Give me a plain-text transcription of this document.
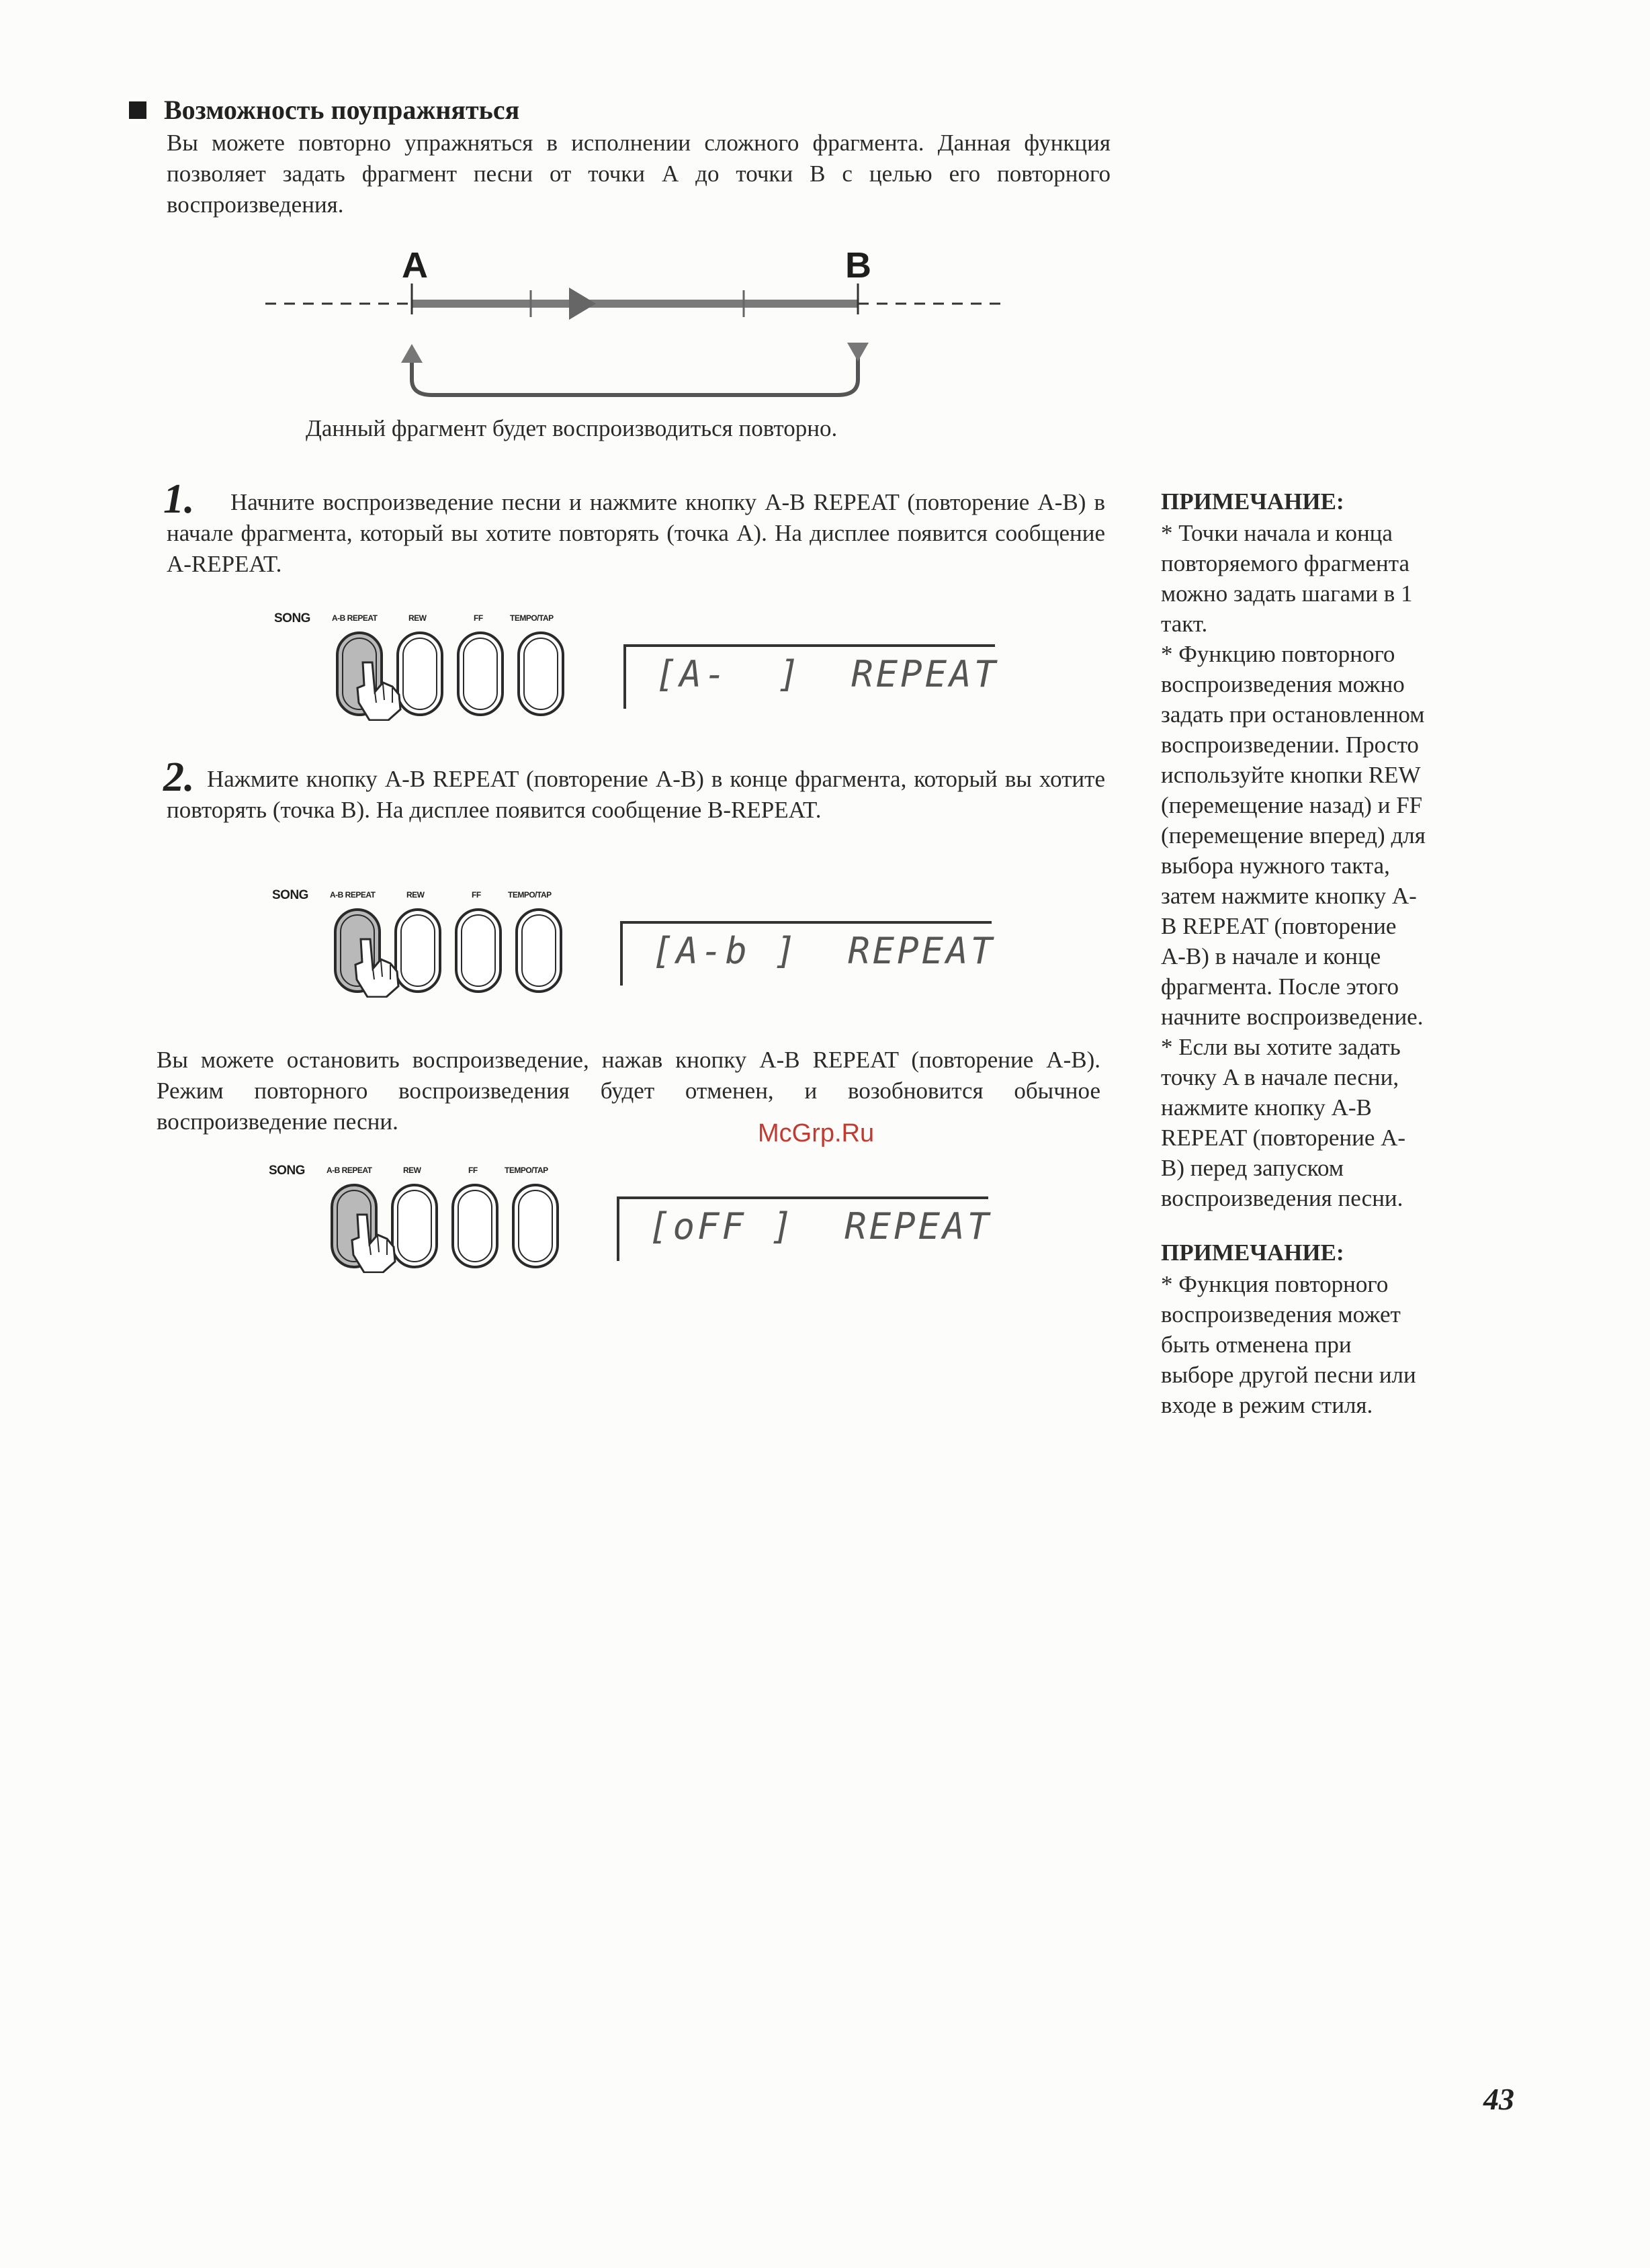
Возможность поупражняться
Вы можете повторно упражняться в исполнении сложного фрагмента. Данная функция позволяет задать фрагмент песни от точки А до точки В с целью его повторного воспроизведения.
A	B
Данный фрагмент будет воспроизводиться повторно.
1.	Начните воспроизведение песни и нажмите кнопку A-B REPEAT (повторение A-B) в начале фрагмента, который вы хотите повторять (точка A). На дисплее появится сообщение A-REPEAT.
SONG	A-B REPEAT	REW	FF	TEMPO/TAP
[A-  ]  REPEAT
2. Нажмите кнопку A-B REPEAT (повторение A-B) в конце фрагмента, который вы хотите повторять (точка B). На дисплее появится сообщение B-REPEAT.
SONG	A-B REPEAT	REW	FF	TEMPO/TAP
[A-b ]  REPEAT
Вы можете остановить воспроизведение, нажав кнопку A-B REPEAT (повторение A-B). Режим повторного воспроизведения будет отменен, и возобновится обычное воспроизведение песни.
SONG	A-B REPEAT	REW	FF	TEMPO/TAP
[oFF ]  REPEAT
McGrp.Ru
ПРИМЕЧАНИЕ:
* Точки начала и конца
повторяемого фрагмента
можно задать шагами в 1
такт.
* Функцию повторного
воспроизведения можно
задать при остановленном
воспроизведении. Просто
используйте кнопки REW
(перемещение назад) и FF
(перемещение вперед) для
выбора нужного такта,
затем нажмите кнопку A-
B REPEAT (повторение
A-B) в начале и конце
фрагмента. После этого
начните воспроизведение.
* Если вы хотите задать
точку A в начале песни,
нажмите кнопку A-B
REPEAT (повторение A-
B) перед запуском
воспроизведения песни.
ПРИМЕЧАНИЕ:
* Функция повторного
воспроизведения может
быть отменена при
выборе другой песни или
входе в режим стиля.
43
